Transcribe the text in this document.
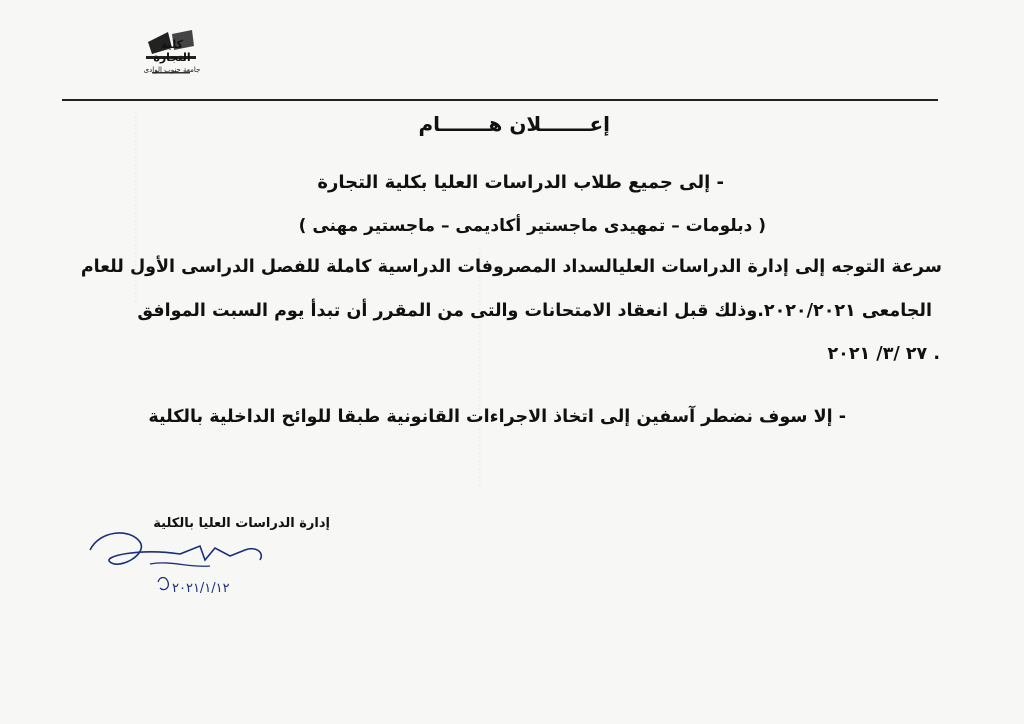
⋯⋯⋯⋯⋯⋯⋯⋯⋯⋯⋯⋯⋯⋯⋯⋯
⋯⋯⋯⋯⋯⋯⋯⋯⋯⋯⋯⋯⋯⋯⋯⋯⋯⋯⋯⋯
كلية التجارة
جامعة جنوب الوادى
إعـــــــلان هـــــــام
- إلى جميع طلاب الدراسات العليا بكلية التجارة
( دبلومات – تمهيدى ماجستير أكاديمى – ماجستير مهنى )
سرعة التوجه إلى إدارة الدراسات العليالسداد المصروفات الدراسية كاملة للفصل الدراسى الأول للعام
الجامعى ٢٠٢٠/٢٠٢١.وذلك قبل انعقاد الامتحانات والتى من المقرر أن تبدأ يوم السبت الموافق
٢٧ /٣/ ٢٠٢١ .
- إلا سوف نضطر آسفين إلى اتخاذ الاجراءات القانونية طبقا للوائح الداخلية بالكلية
إدارة الدراسات العليا بالكلية
٢٠٢١/١/١٢
